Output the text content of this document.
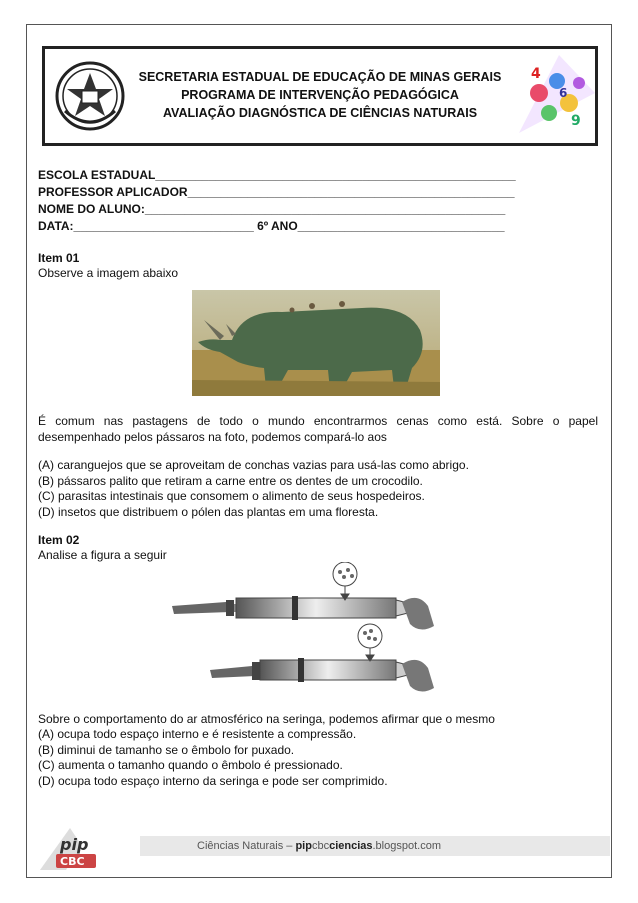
SECRETARIA ESTADUAL DE EDUCAÇÃO DE MINAS GERAIS
PROGRAMA DE INTERVENÇÃO PEDAGÓGICA
AVALIAÇÃO DIAGNÓSTICA DE CIÊNCIAS NATURAIS
4
9
6
ESCOLA ESTADUAL______________________________________________________
PROFESSOR APLICADOR_________________________________________________
NOME DO ALUNO:______________________________________________________
DATA:___________________________ 6º ANO_______________________________
Item 01
Observe a imagem abaixo
É comum nas pastagens de todo o mundo encontrarmos cenas como está. Sobre o papel desempenhado pelos pássaros na foto, podemos compará-lo aos
(A) caranguejos que se aproveitam de conchas vazias para usá-las como abrigo.
(B) pássaros palito que retiram a carne entre os dentes de um crocodilo.
(C) parasitas intestinais que consomem o alimento de seus hospedeiros.
(D) insetos que distribuem o pólen das plantas em uma floresta.
Item 02
Analise a figura a seguir
Sobre o comportamento do ar atmosférico na seringa, podemos afirmar que o mesmo
(A) ocupa todo espaço interno e é resistente a compressão.
(B) diminui de tamanho se o êmbolo for puxado.
(C) aumenta o tamanho quando o êmbolo é pressionado.
(D) ocupa todo espaço interno da seringa e pode ser comprimido.
pip
CBC
Ciências Naturais – pipcbcciencias.blogspot.com
